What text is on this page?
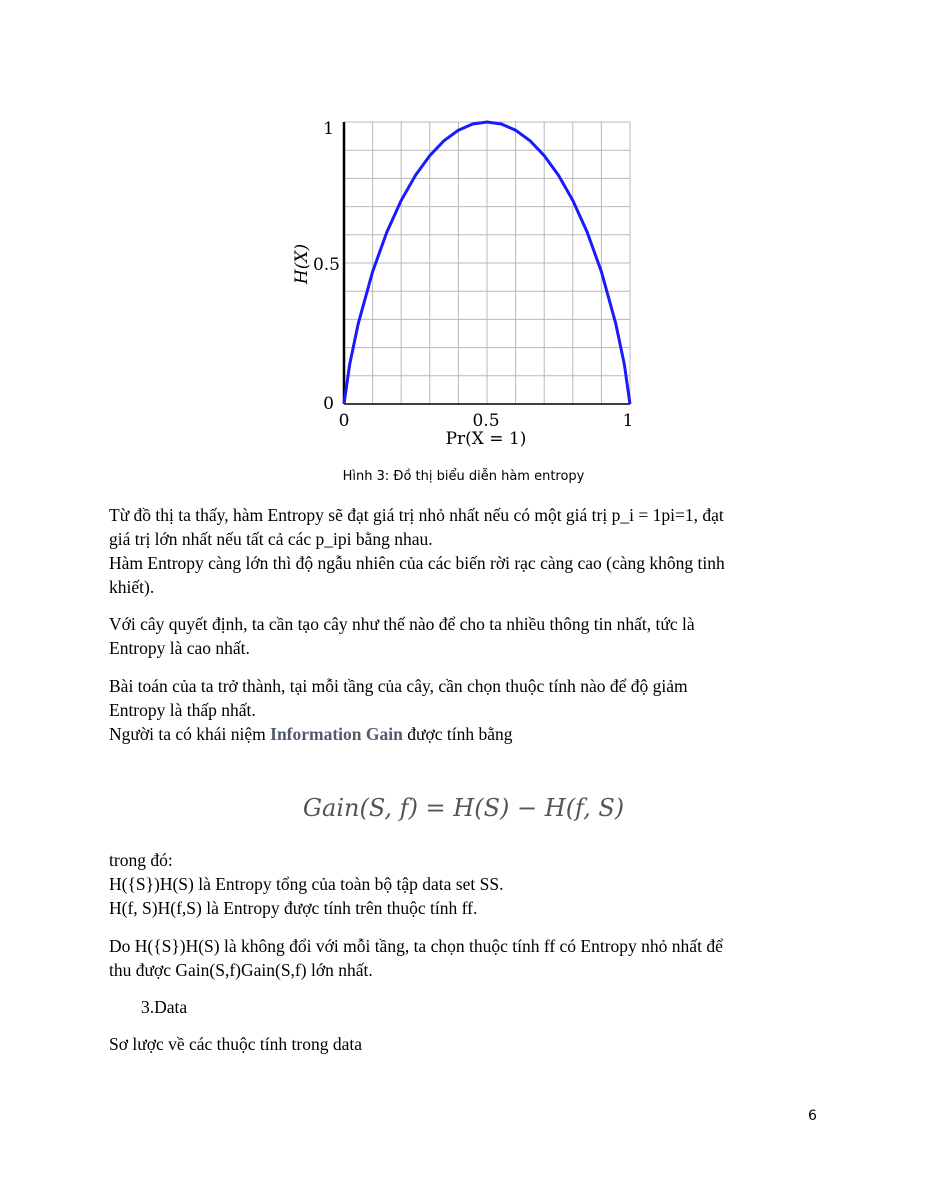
1
0.5
0
0	0.5	1
Pr(X = 1)
H(X)
Hình 3: Đồ thị biểu diễn hàm entropy

Từ đồ thị ta thấy, hàm Entropy sẽ đạt giá trị nhỏ nhất nếu có một giá trị p_i = 1pi=1, đạt
giá trị lớn nhất nếu tất cả các p_ipi bằng nhau.
Hàm Entropy càng lớn thì độ ngẫu nhiên của các biến rời rạc càng cao (càng không tinh
khiết).

Với cây quyết định, ta cần tạo cây như thế nào để cho ta nhiều thông tin nhất, tức là
Entropy là cao nhất.

Bài toán của ta trở thành, tại mỗi tầng của cây, cần chọn thuộc tính nào để độ giảm
Entropy là thấp nhất.
Người ta có khái niệm Information Gain được tính bằng

Gain(S, f) = H(S) − H(f, S)

trong đó:
H({S})H(S) là Entropy tổng của toàn bộ tập data set SS.
H(f, S)H(f,S) là Entropy được tính trên thuộc tính ff.

Do H({S})H(S) là không đổi với mỗi tầng, ta chọn thuộc tính ff có Entropy nhỏ nhất để
thu được Gain(S,f)Gain(S,f) lớn nhất.

3.Data

Sơ lược về các thuộc tính trong data

6
